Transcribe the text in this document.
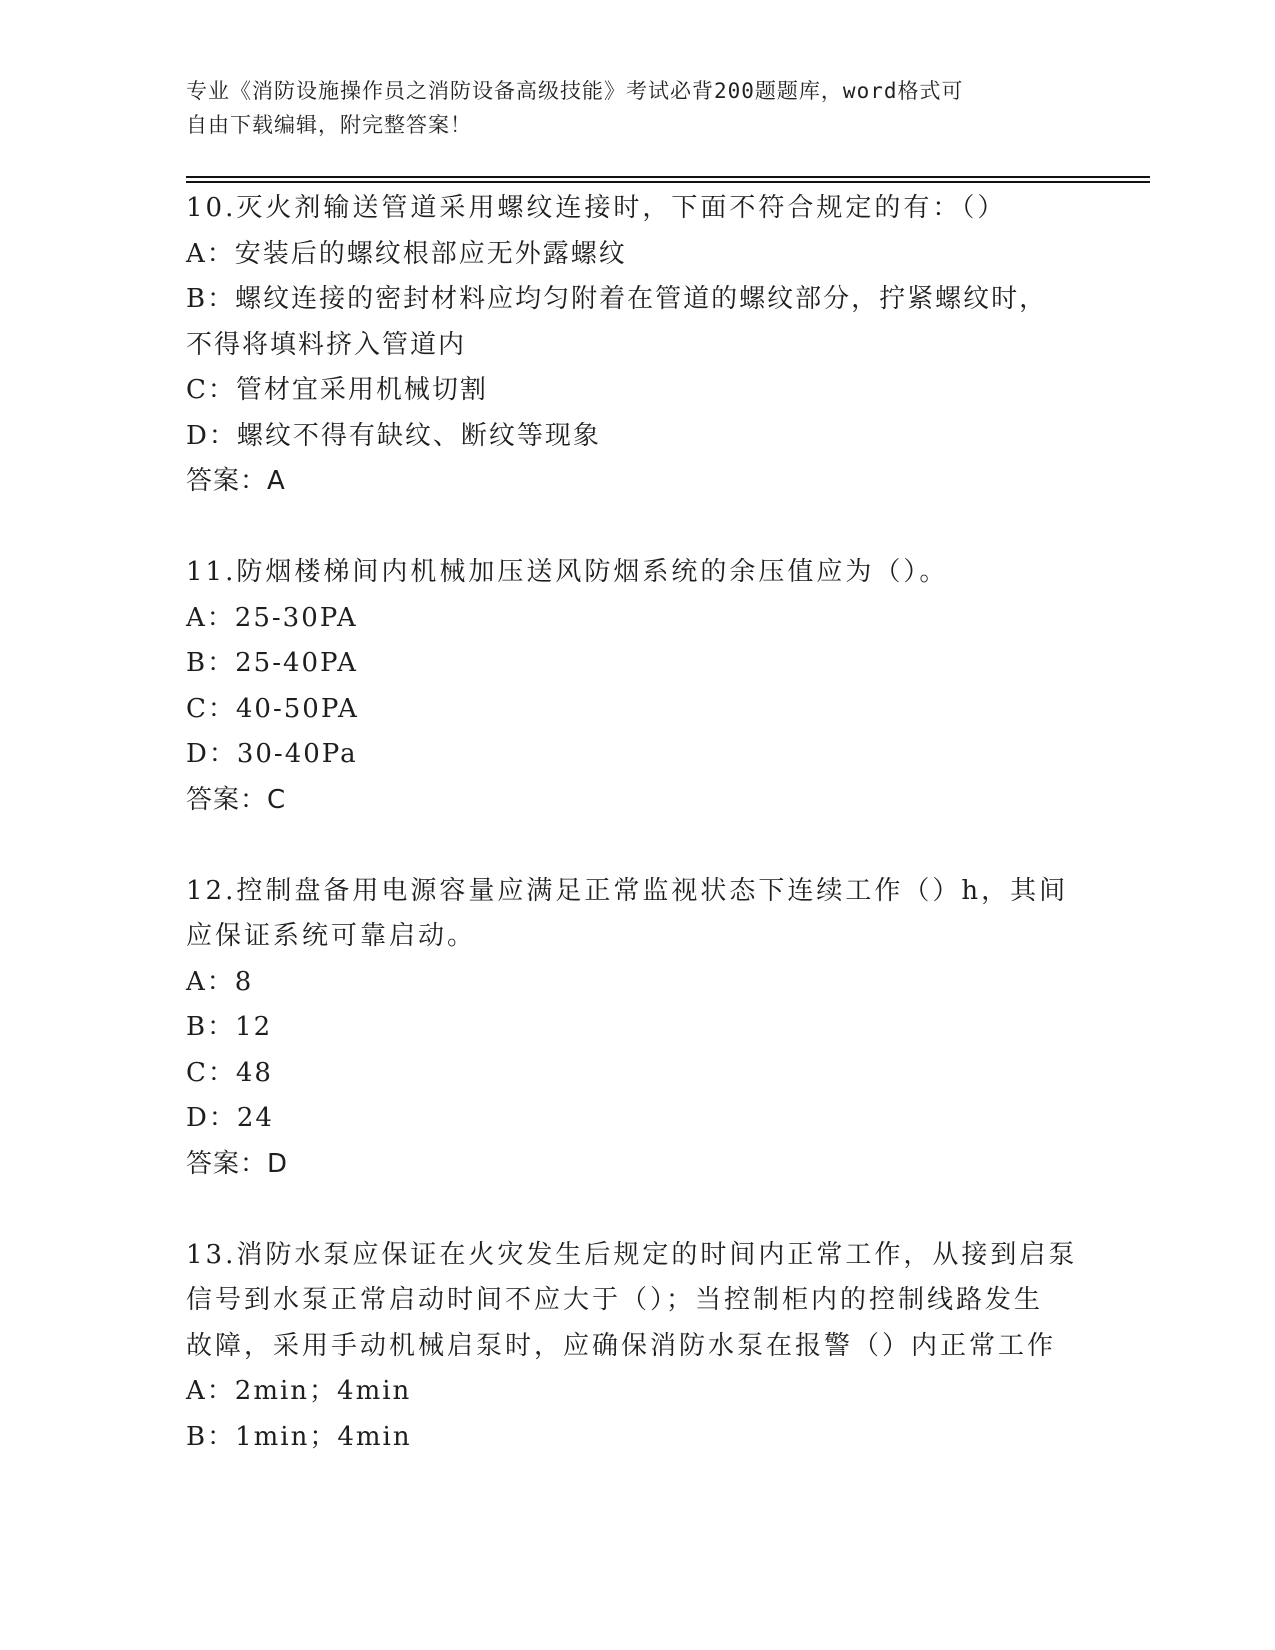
专业《消防设施操作员之消防设备高级技能》考试必背200题题库，word格式可
自由下载编辑，附完整答案！
10.灭火剂输送管道采用螺纹连接时，下面不符合规定的有：（）
A：安装后的螺纹根部应无外露螺纹
B：螺纹连接的密封材料应均匀附着在管道的螺纹部分，拧紧螺纹时，
不得将填料挤入管道内
C：管材宜采用机械切割
D：螺纹不得有缺纹、断纹等现象
答案：A
11.防烟楼梯间内机械加压送风防烟系统的余压值应为（）。
A：25-30PA
B：25-40PA
C：40-50PA
D：30-40Pa
答案：C
12.控制盘备用电源容量应满足正常监视状态下连续工作（）h，其间
应保证系统可靠启动。
A：8
B：12
C：48
D：24
答案：D
13.消防水泵应保证在火灾发生后规定的时间内正常工作，从接到启泵
信号到水泵正常启动时间不应大于（）；当控制柜内的控制线路发生
故障，采用手动机械启泵时，应确保消防水泵在报警（）内正常工作
A：2min；4min
B：1min；4min
